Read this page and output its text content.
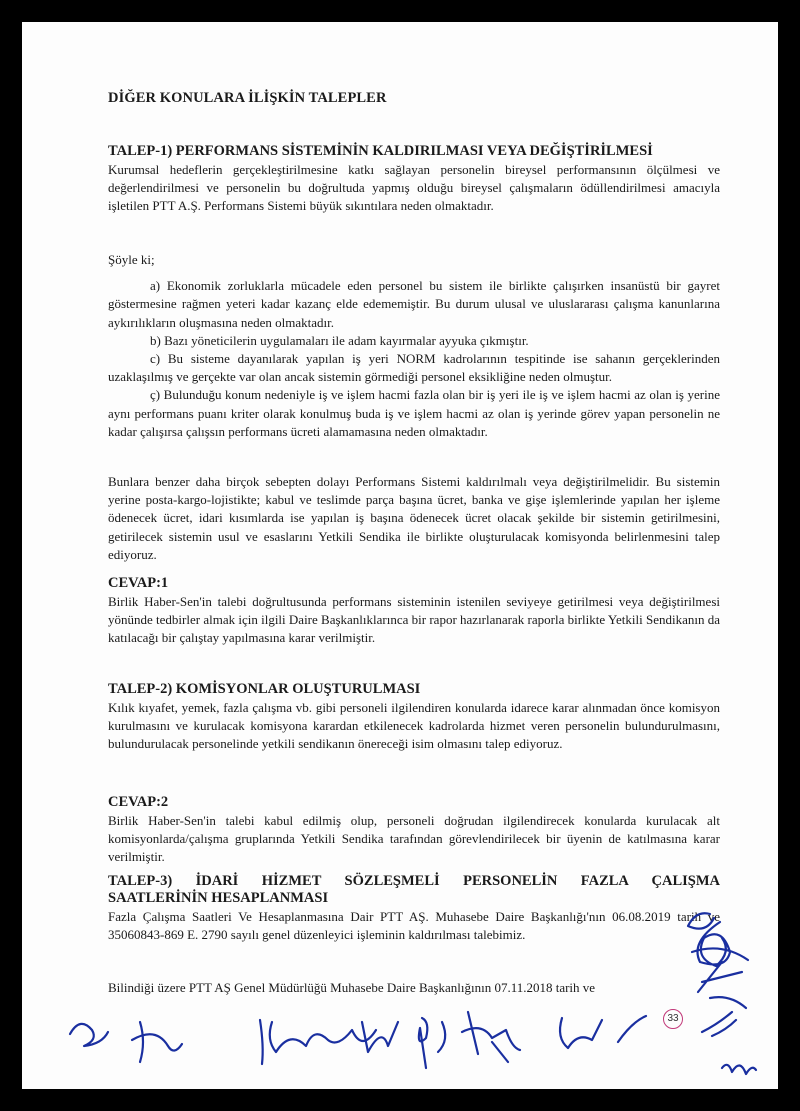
DİĞER KONULARA İLİŞKİN TALEPLER
TALEP-1) PERFORMANS SİSTEMİNİN KALDIRILMASI VEYA DEĞİŞTİRİLMESİ

Kurumsal hedeflerin gerçekleştirilmesine katkı sağlayan personelin bireysel performansının ölçülmesi ve değerlendirilmesi ve personelin bu doğrultuda yapmış olduğu bireysel çalışmaların ödüllendirilmesi amacıyla işletilen PTT A.Ş. Performans Sistemi büyük sıkıntılara neden olmaktadır.

Şöyle ki;

a) Ekonomik zorluklarla mücadele eden personel bu sistem ile birlikte çalışırken insanüstü bir gayret göstermesine rağmen yeteri kadar kazanç elde edememiştir. Bu durum ulusal ve uluslararası çalışma kanunlarına aykırılıkların oluşmasına neden olmaktadır.

b) Bazı yöneticilerin uygulamaları ile adam kayırmalar ayyuka çıkmıştır.

c) Bu sisteme dayanılarak yapılan iş yeri NORM kadrolarının tespitinde ise sahanın gerçeklerinden uzaklaşılmış ve gerçekte var olan ancak sistemin görmediği personel eksikliğine neden olmuştur.

ç) Bulunduğu konum nedeniyle iş ve işlem hacmi fazla olan bir iş yeri ile iş ve işlem hacmi az olan iş yerine aynı performans puanı kriter olarak konulmuş buda iş ve işlem hacmi az olan iş yerinde görev yapan personelin ne kadar çalışırsa çalışsın performans ücreti alamamasına neden olmaktadır.

Bunlara benzer daha birçok sebepten dolayı Performans Sistemi kaldırılmalı veya değiştirilmelidir. Bu sistemin yerine posta-kargo-lojistikte; kabul ve teslimde parça başına ücret, banka ve gişe işlemlerinde yapılan her işleme ödenecek ücret, idari kısımlarda ise yapılan iş başına ödenecek ücret olacak şekilde bir sistemin getirilmesini, getirilecek sistemin usul ve esaslarını Yetkili Sendika ile birlikte oluşturulacak komisyonda belirlenmesini talep ediyoruz.

CEVAP:1

Birlik Haber-Sen'in talebi doğrultusunda performans sisteminin istenilen seviyeye getirilmesi veya değiştirilmesi yönünde tedbirler almak için ilgili Daire Başkanlıklarınca bir rapor hazırlanarak raporla birlikte Yetkili Sendikanın da katılacağı bir çalıştay yapılmasına karar verilmiştir.

TALEP-2) KOMİSYONLAR OLUŞTURULMASI

Kılık kıyafet, yemek, fazla çalışma vb. gibi personeli ilgilendiren konularda idarece karar alınmadan önce komisyon kurulmasını ve kurulacak komisyona karardan etkilenecek kadrolarda hizmet veren personelin bulundurulmasını, bulundurulacak personelinde yetkili sendikanın önereceği isim olmasını talep ediyoruz.

CEVAP:2

Birlik Haber-Sen'in talebi kabul edilmiş olup, personeli doğrudan ilgilendirecek konularda kurulacak alt komisyonlarda/çalışma gruplarında Yetkili Sendika tarafından görevlendirilecek bir üyenin de katılmasına karar verilmiştir.

TALEP-3) İDARİ HİZMET SÖZLEŞMELİ PERSONELİN FAZLA ÇALIŞMA
SAATLERİNİN HESAPLANMASI

Fazla Çalışma Saatleri Ve Hesaplanmasına Dair PTT AŞ. Muhasebe Daire Başkanlığı'nın 06.08.2019 tarih ve 35060843-869 E. 2790 sayılı genel düzenleyici işleminin kaldırılması talebimiz.

Bilindiği üzere PTT AŞ Genel Müdürlüğü Muhasebe Daire Başkanlığının 07.11.2018 tarih ve

33
